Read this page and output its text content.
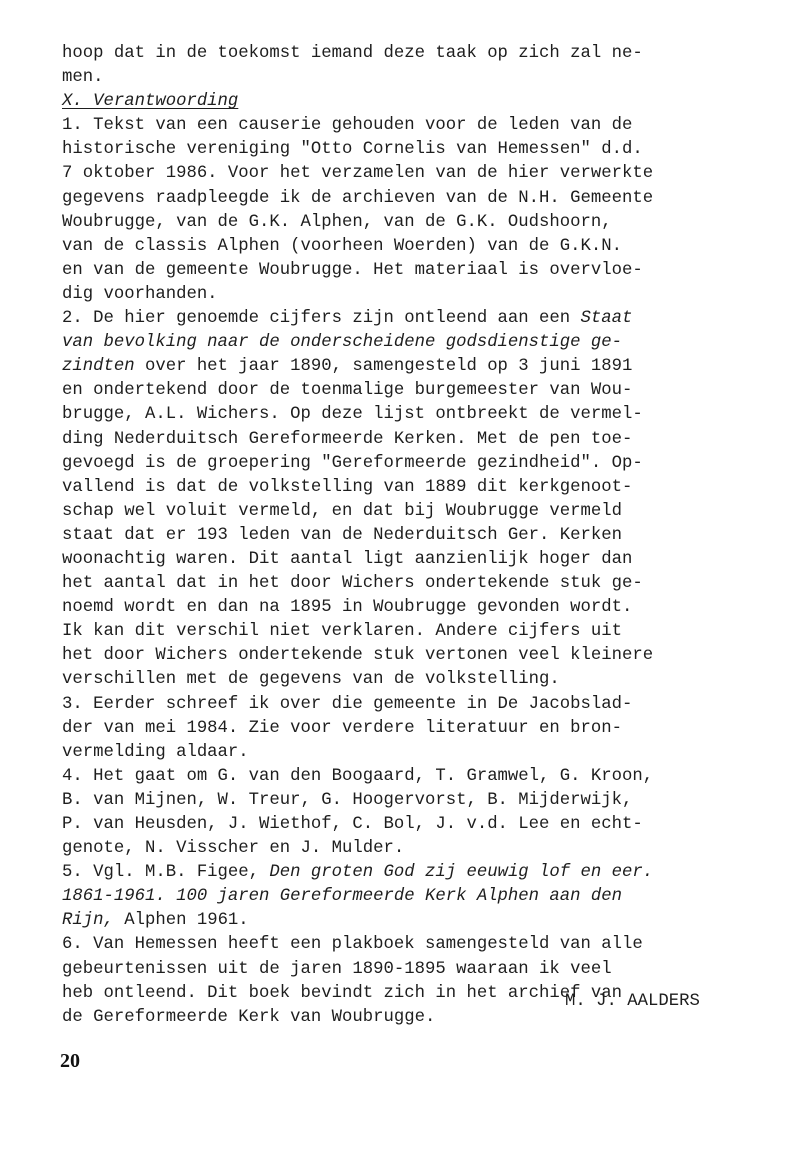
hoop dat in de toekomst iemand deze taak op zich zal ne-
men.
X. Verantwoording
1. Tekst van een causerie gehouden voor de leden van de
historische vereniging "Otto Cornelis van Hemessen" d.d.
7 oktober 1986. Voor het verzamelen van de hier verwerkte
gegevens raadpleegde ik de archieven van de N.H. Gemeente
Woubrugge, van de G.K. Alphen, van de G.K. Oudshoorn,
van de classis Alphen (voorheen Woerden) van de G.K.N.
en van de gemeente Woubrugge. Het materiaal is overvloe-
dig voorhanden.
2. De hier genoemde cijfers zijn ontleend aan een Staat
van bevolking naar de onderscheidene godsdienstige ge-
zindten over het jaar 1890, samengesteld op 3 juni 1891
en ondertekend door de toenmalige burgemeester van Wou-
brugge, A.L. Wichers. Op deze lijst ontbreekt de vermel-
ding Nederduitsch Gereformeerde Kerken. Met de pen toe-
gevoegd is de groepering "Gereformeerde gezindheid". Op-
vallend is dat de volkstelling van 1889 dit kerkgenoot-
schap wel voluit vermeld, en dat bij Woubrugge vermeld
staat dat er 193 leden van de Nederduitsch Ger. Kerken
woonachtig waren. Dit aantal ligt aanzienlijk hoger dan
het aantal dat in het door Wichers ondertekende stuk ge-
noemd wordt en dan na 1895 in Woubrugge gevonden wordt.
Ik kan dit verschil niet verklaren. Andere cijfers uit
het door Wichers ondertekende stuk vertonen veel kleinere
verschillen met de gegevens van de volkstelling.
3. Eerder schreef ik over die gemeente in De Jacobslad-
der van mei 1984. Zie voor verdere literatuur en bron-
vermelding aldaar.
4. Het gaat om G. van den Boogaard, T. Gramwel, G. Kroon,
B. van Mijnen, W. Treur, G. Hoogervorst, B. Mijderwijk,
P. van Heusden, J. Wiethof, C. Bol, J. v.d. Lee en echt-
genote, N. Visscher en J. Mulder.
5. Vgl. M.B. Figee, Den groten God zij eeuwig lof en eer.
1861-1961. 100 jaren Gereformeerde Kerk Alphen aan den
Rijn, Alphen 1961.
6. Van Hemessen heeft een plakboek samengesteld van alle
gebeurtenissen uit de jaren 1890-1895 waaraan ik veel
heb ontleend. Dit boek bevindt zich in het archief van
de Gereformeerde Kerk van Woubrugge.
M. J. AALDERS
20
